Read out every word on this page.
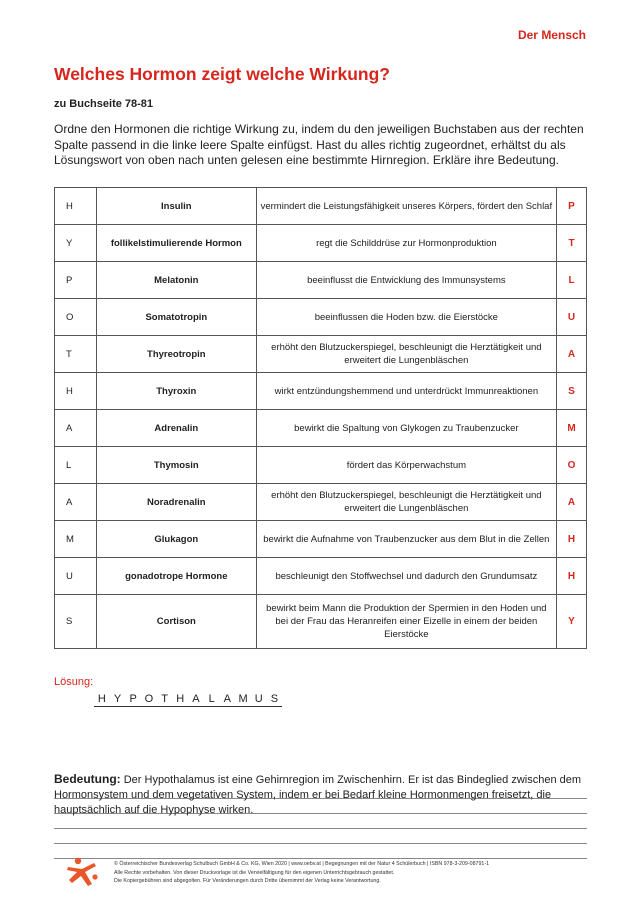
Der Mensch
Welches Hormon zeigt welche Wirkung?
zu Buchseite 78-81
Ordne den Hormonen die richtige Wirkung zu, indem du den jeweiligen Buchstaben aus der rechten Spalte passend in die linke leere Spalte einfügst. Hast du alles richtig zugeordnet, erhältst du als Lösungswort von oben nach unten gelesen eine bestimmte Hirnregion. Erkläre ihre Bedeutung.
H	Insulin	vermindert die Leistungsfähigkeit unseres Körpers, fördert den Schlaf	P
Y	follikelstimulierende Hormon	regt die Schilddrüse zur Hormonproduktion	T
P	Melatonin	beeinflusst die Entwicklung des Immunsystems	L
O	Somatotropin	beeinflussen die Hoden bzw. die Eierstöcke	U
T	Thyreotropin	erhöht den Blutzuckerspiegel, beschleunigt die Herztätigkeit und erweitert die Lungenbläschen	A
H	Thyroxin	wirkt entzündungshemmend und unterdrückt Immunreaktionen	S
A	Adrenalin	bewirkt die Spaltung von Glykogen zu Traubenzucker	M
L	Thymosin	fördert das Körperwachstum	O
A	Noradrenalin	erhöht den Blutzuckerspiegel, beschleunigt die Herztätigkeit und erweitert die Lungenbläschen	A
M	Glukagon	bewirkt die Aufnahme von Traubenzucker aus dem Blut in die Zellen	H
U	gonadotrope Hormone	beschleunigt den Stoffwechsel und dadurch den Grundumsatz	H
S	Cortison	bewirkt beim Mann die Produktion der Spermien in den Hoden und bei der Frau das Heranreifen einer Eizelle in einem der beiden Eierstöcke	Y
Lösung:
H Y P O T H A L A M U S
Bedeutung: Der Hypothalamus ist eine Gehirnregion im Zwischenhirn. Er ist das Bindeglied zwischen dem Hormonsystem und dem vegetativen System, indem er bei Bedarf kleine Hormonmengen freisetzt, die hauptsächlich auf die Hypophyse wirken.
© Österreichischer Bundesverlag Schulbuch GmbH & Co. KG, Wien 2020 | www.oebv.at | Begegnungen mit der Natur 4 Schülerbuch | ISBN 978-3-209-08791-1
Alle Rechte vorbehalten. Von dieser Druckvorlage ist die Vervielfältigung für den eigenen Unterrichtsgebrauch gestattet.
Die Kopiergebühren sind abgegolten. Für Veränderungen durch Dritte übernimmt der Verlag keine Verantwortung.
